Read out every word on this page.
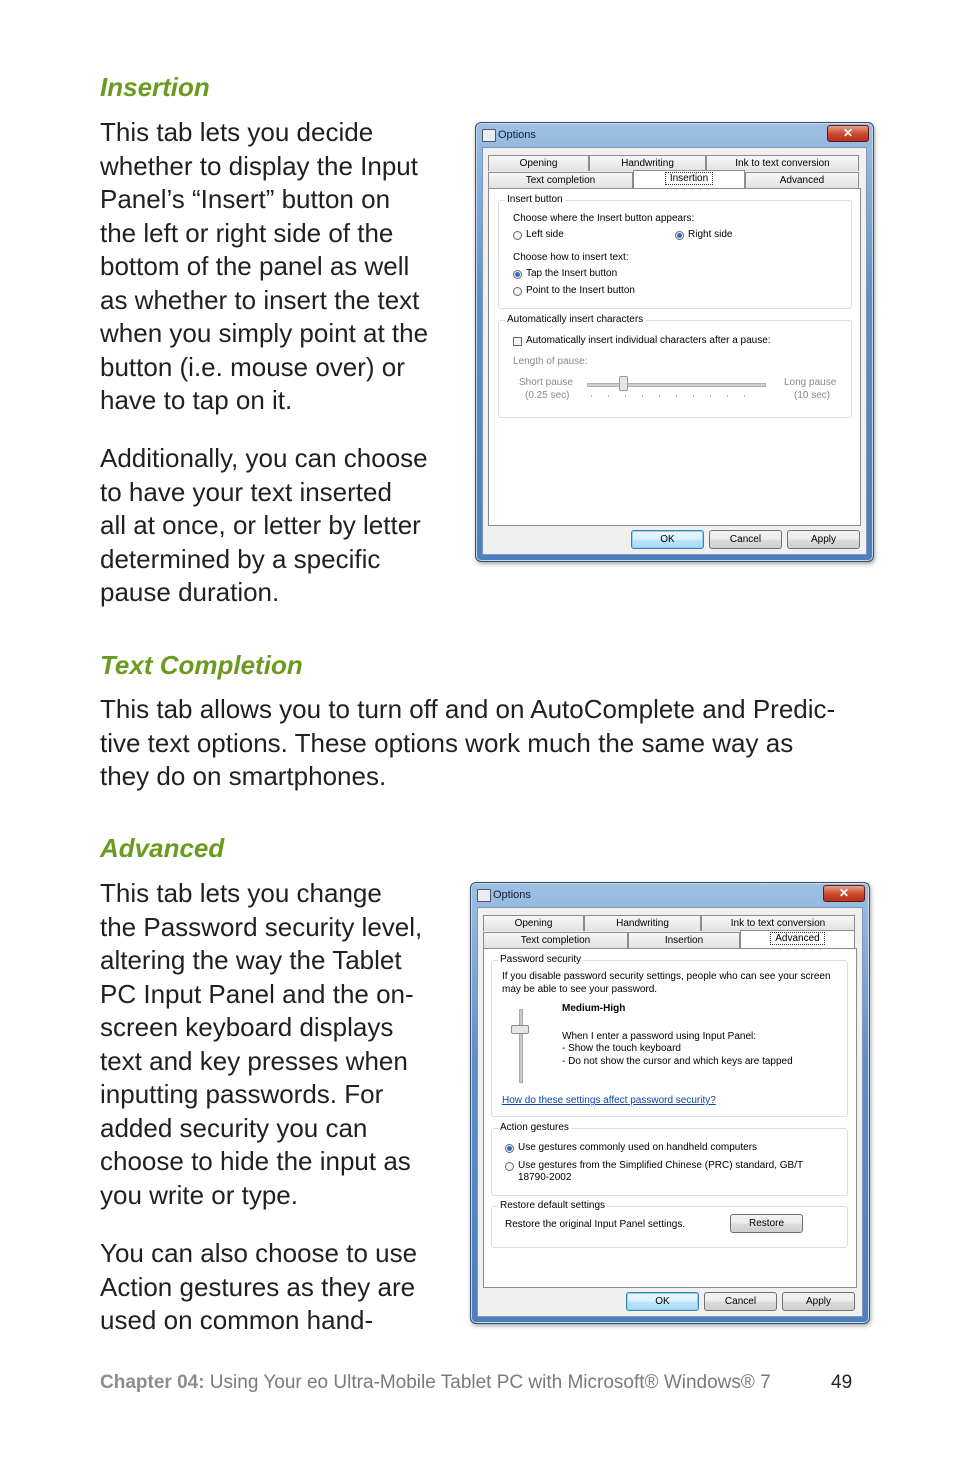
Insertion
This tab lets you decide
whether to display the Input
Panel’s “Insert” button on
the left or right side of the
bottom of the panel as well
as whether to insert the text
when you simply point at the
button (i.e. mouse over) or
have to tap on it.
Additionally, you can choose
to have your text inserted
all at once, or letter by letter
determined by a specific
pause duration.
Options	✕
Opening	Handwriting	Ink to text conversion
Text completion	Insertion	Advanced
Insert button
Choose where the Insert button appears:
Left side	Right side
Choose how to insert text:
Tap the Insert button
Point to the Insert button
Automatically insert characters
Automatically insert individual characters after a pause:
Length of pause:
Short pause
(0.25 sec)
Long pause
(10 sec)
OK	Cancel	Apply
Text Completion
This tab allows you to turn off and on AutoComplete and Predic-
tive text options. These options work much the same way as
they do on smartphones.
Advanced
This tab lets you change
the Password security level,
altering the way the Tablet
PC Input Panel and the on-
screen keyboard displays
text and key presses when
inputting passwords. For
added security you can
choose to hide the input as
you write or type.
You can also choose to use
Action gestures as they are
used on common hand-
Options	✕
Opening	Handwriting	Ink to text conversion
Text completion	Insertion	Advanced
Password security
If you disable password security settings, people who can see your screen
may be able to see your password.
Medium-High
When I enter a password using Input Panel:
- Show the touch keyboard
- Do not show the cursor and which keys are tapped
How do these settings affect password security?
Action gestures
Use gestures commonly used on handheld computers
Use gestures from the Simplified Chinese (PRC) standard, GB/T
18790-2002
Restore default settings
Restore the original Input Panel settings.	Restore
OK	Cancel	Apply
Chapter 04: Using Your eo Ultra-Mobile Tablet PC with Microsoft® Windows® 7	49
